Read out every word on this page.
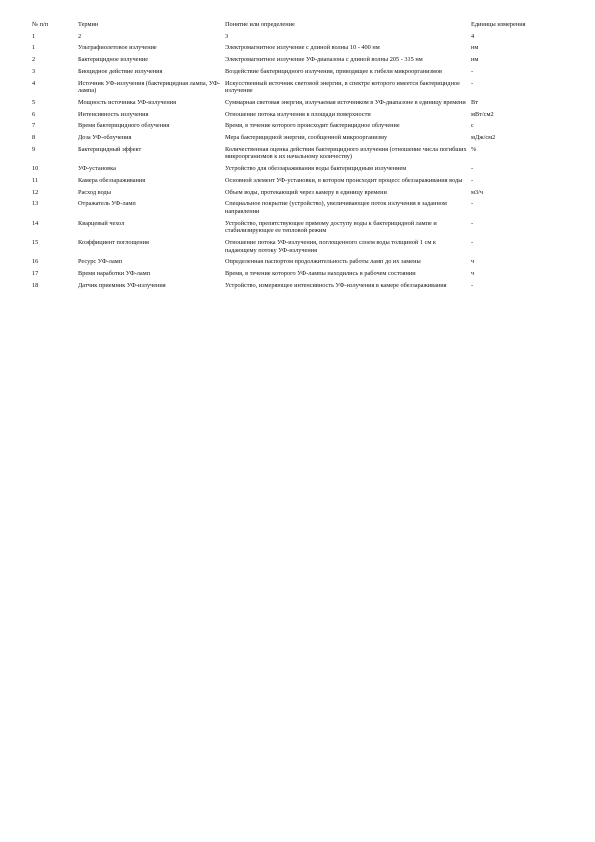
№ п/п	Термин	Понятие или определение	Единицы измерения
1	2	3	4
1	Ультрафиолетовое излучение	Электромагнитное излучение с длиной волны 10 - 400 нм	нм
2	Бактерицидное излучение	Электромагнитное излучение УФ-диапазона с длиной волны 205 - 315 нм	нм
3	Биоцидное действие излучения	Воздействие бактерицидного излучения, приводящее к гибели микроорганизмов	-
4	Источник УФ-излучения (бактерицидная лампа, УФ-лампа)	Искусственный источник световой энергии, в спектре которого имеется бактерицидное излучение	-
5	Мощность источника УФ-излучения	Суммарная световая энергия, излучаемая источником в УФ-диапазоне в единицу времени	Вт
6	Интенсивность излучения	Отношение потока излучения к площади поверхности	мВт/см2
7	Время бактерицидного облучения	Время, в течение которого происходит бактерицидное облучение	с
8	Доза УФ-облучения	Мера бактерицидной энергии, сообщенной микроорганизму	мДж/см2
9	Бактерицидный эффект	Количественная оценка действия бактерицидного излучения (отношение числа погибших микроорганизмов к их начальному количеству)	%
10	УФ-установка	Устройство для обеззараживания воды бактерицидным излучением	-
11	Камера обеззараживания	Основной элемент УФ-установки, в котором происходит процесс обеззараживания воды	-
12	Расход воды	Объем воды, протекающий через камеру в единицу времени	м3/ч
13	Отражатель УФ-ламп	Специальное покрытие (устройство), увеличивающее поток излучения в заданном направлении	-
14	Кварцевый чехол	Устройство, препятствующее прямому доступу воды к бактерицидной лампе и стабилизирующее ее тепловой режим	-
15	Коэффициент поглощения	Отношение потока УФ-излучения, поглощенного слоем воды толщиной 1 см к падающему потоку УФ-излучения	-
16	Ресурс УФ-ламп	Определенная паспортом продолжительность работы ламп до их замены	ч
17	Время наработки УФ-ламп	Время, в течение которого УФ-лампы находились в рабочем состоянии	ч
18	Датчик приемник УФ-излучения	Устройство, измеряющее интенсивность УФ-излучения в камере обеззараживания	-
